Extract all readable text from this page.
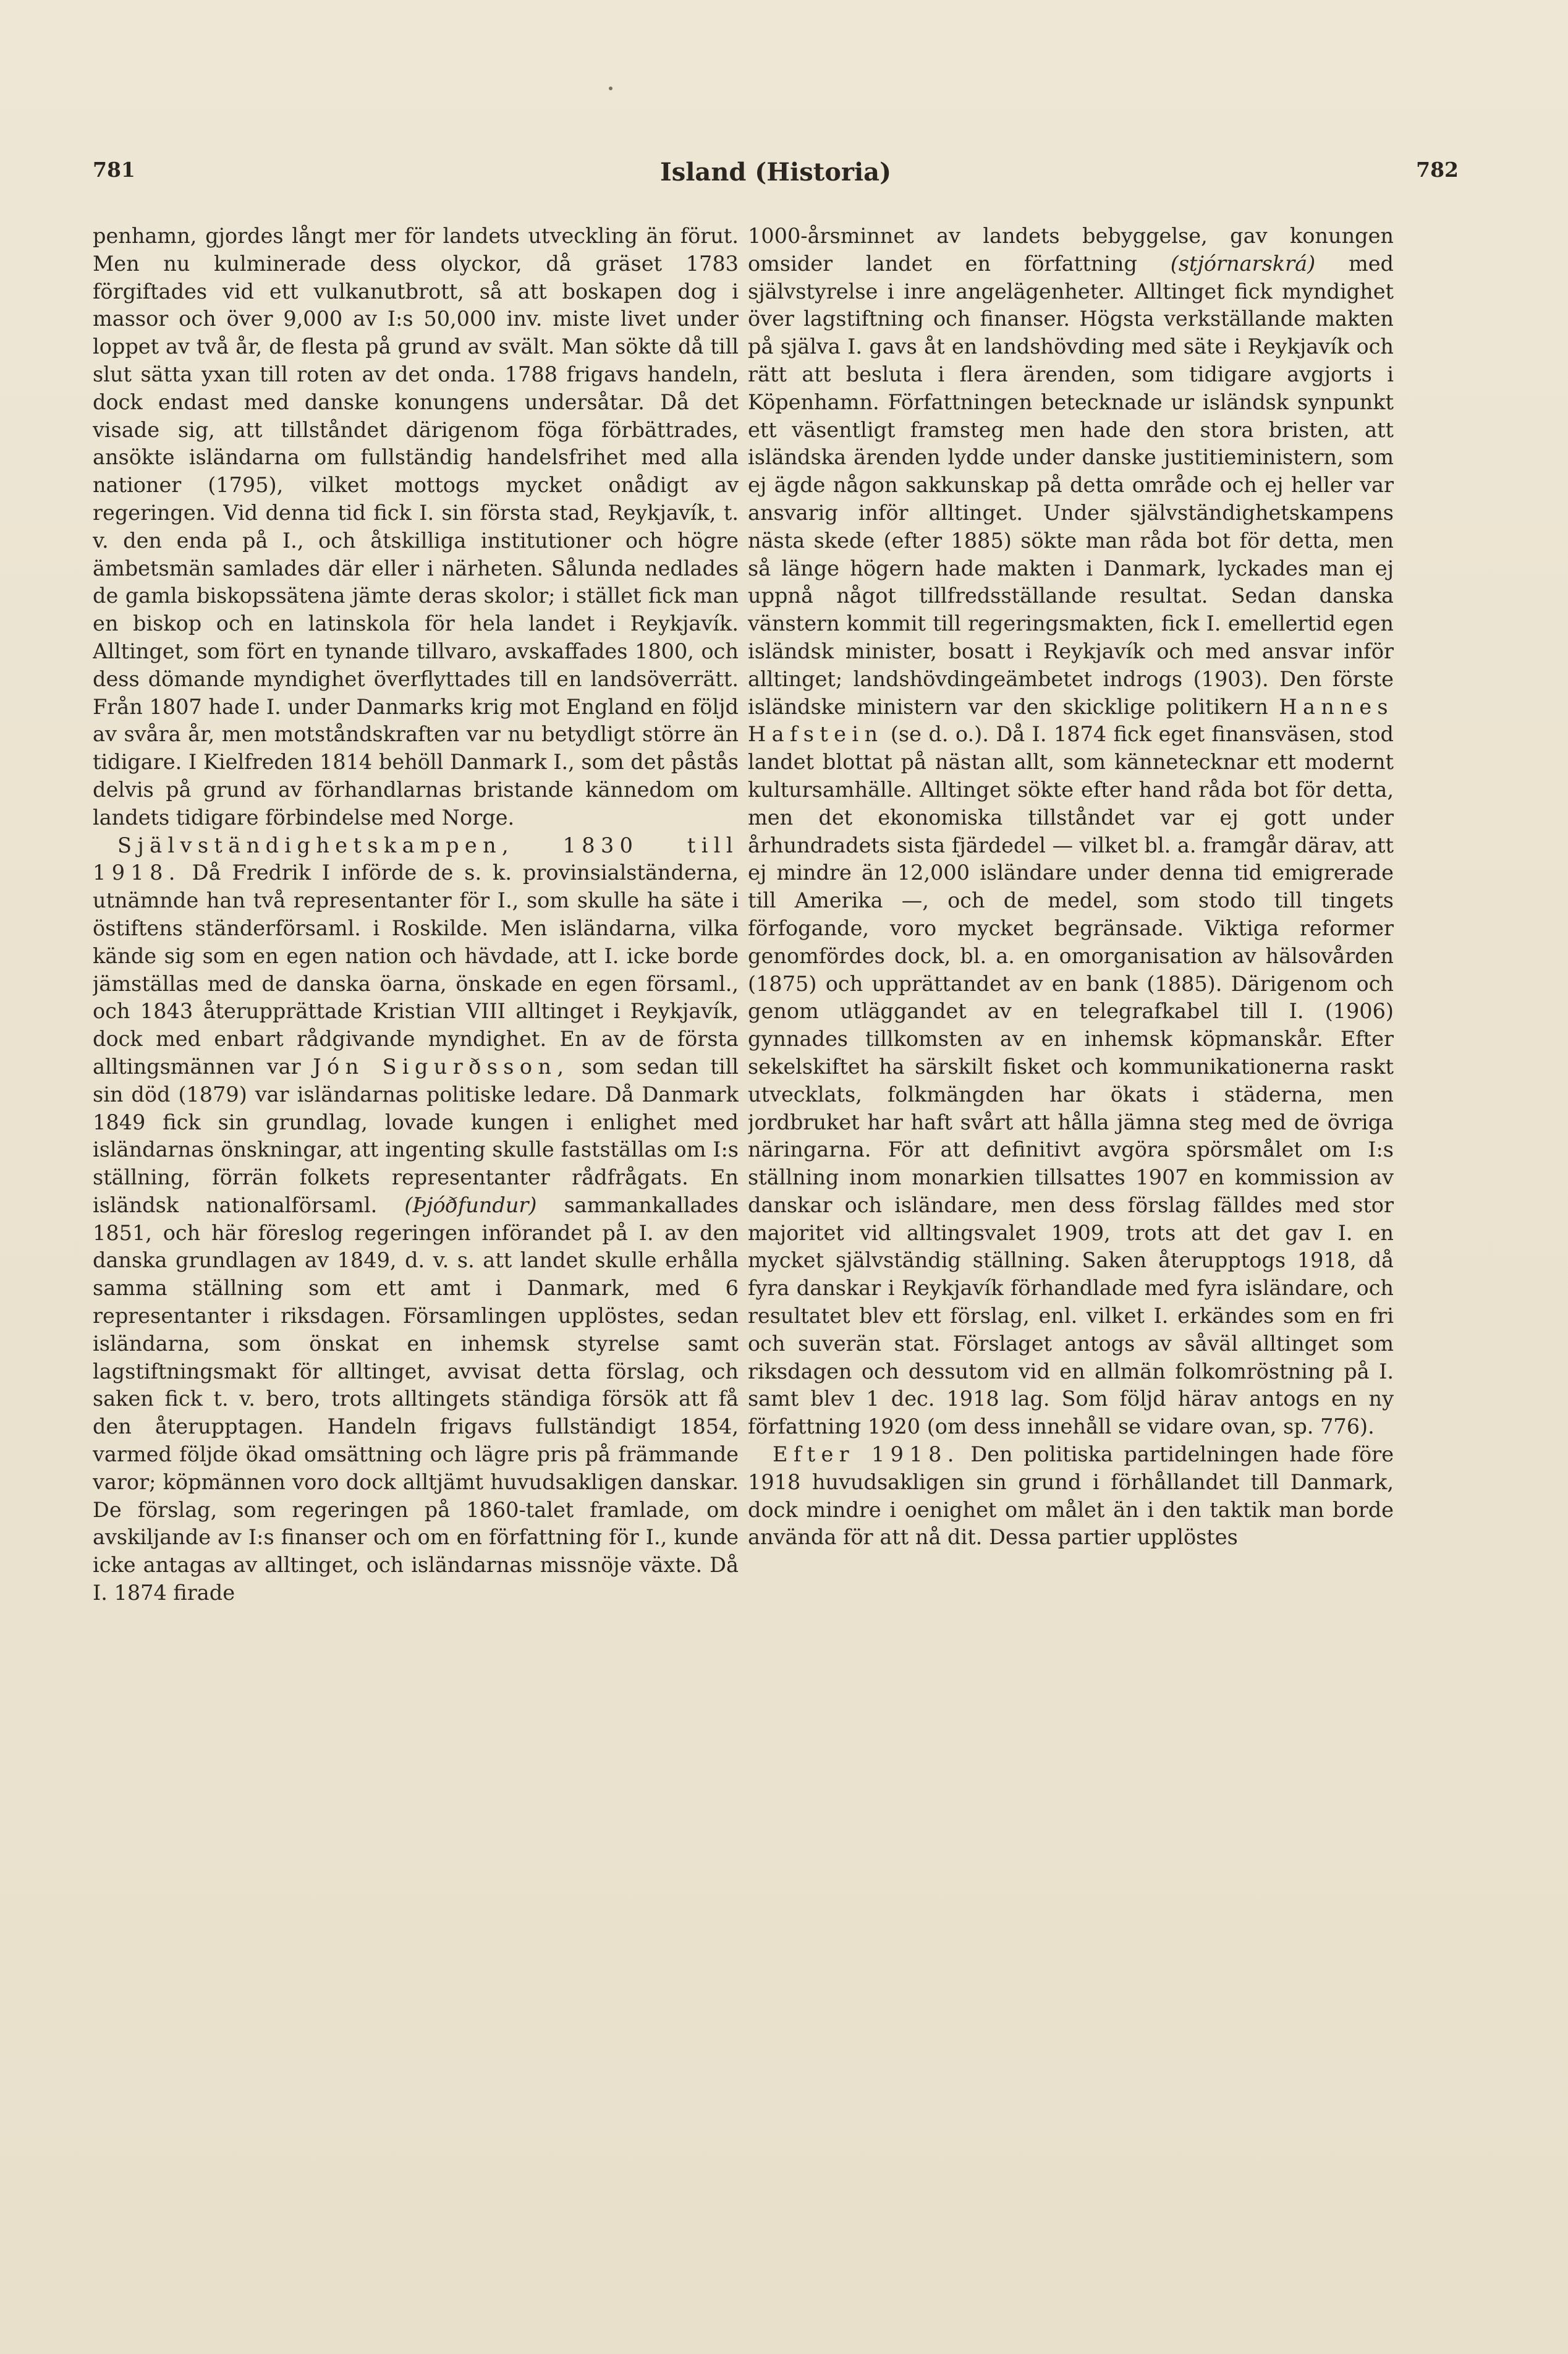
781	Island (Historia)	782

penhamn, gjordes långt mer för landets utveckling än förut. Men nu kulminerade dess olyckor, då gräset 1783 förgiftades vid ett vulkanutbrott, så att boskapen dog i massor och över 9,000 av I:s 50,000 inv. miste livet under loppet av två år, de flesta på grund av svält. Man sökte då till slut sätta yxan till roten av det onda. 1788 frigavs handeln, dock endast med danske konungens undersåtar. Då det visade sig, att tillståndet därigenom föga förbättrades, ansökte isländarna om fullständig handelsfrihet med alla nationer (1795), vilket mottogs mycket onådigt av regeringen. Vid denna tid fick I. sin första stad, Reykjavík, t. v. den enda på I., och åtskilliga institutioner och högre ämbetsmän samlades där eller i närheten. Sålunda nedlades de gamla biskopssätena jämte deras skolor; i stället fick man en biskop och en latinskola för hela landet i Reykjavík. Alltinget, som fört en tynande tillvaro, avskaffades 1800, och dess dömande myndighet överflyttades till en landsöverrätt. Från 1807 hade I. under Danmarks krig mot England en följd av svåra år, men motståndskraften var nu betydligt större än tidigare. I Kielfreden 1814 behöll Danmark I., som det påstås delvis på grund av förhandlarnas bristande kännedom om landets tidigare förbindelse med Norge.

Självständighetskampen, 1830 till 1918. Då Fredrik I införde de s. k. provinsialständerna, utnämnde han två representanter för I., som skulle ha säte i östiftens ständerförsaml. i Roskilde. Men isländarna, vilka kände sig som en egen nation och hävdade, att I. icke borde jämställas med de danska öarna, önskade en egen församl., och 1843 återupprättade Kristian VIII alltinget i Reykjavík, dock med enbart rådgivande myndighet. En av de första alltingsmännen var Jón Sigurðsson, som sedan till sin död (1879) var isländarnas politiske ledare. Då Danmark 1849 fick sin grundlag, lovade kungen i enlighet med isländarnas önskningar, att ingenting skulle fastställas om I:s ställning, förrän folkets representanter rådfrågats. En isländsk nationalförsaml. (Þjóðfundur) sammankallades 1851, och här föreslog regeringen införandet på I. av den danska grundlagen av 1849, d. v. s. att landet skulle erhålla samma ställning som ett amt i Danmark, med 6 representanter i riksdagen. Församlingen upplöstes, sedan isländarna, som önskat en inhemsk styrelse samt lagstiftningsmakt för alltinget, avvisat detta förslag, och saken fick t. v. bero, trots alltingets ständiga försök att få den återupptagen. Handeln frigavs fullständigt 1854, varmed följde ökad omsättning och lägre pris på främmande varor; köpmännen voro dock alltjämt huvudsakligen danskar. De förslag, som regeringen på 1860-talet framlade, om avskiljande av I:s finanser och om en författning för I., kunde icke antagas av alltinget, och isländarnas missnöje växte. Då I. 1874 firade

1000-årsminnet av landets bebyggelse, gav konungen omsider landet en författning (stjórnarskrá) med självstyrelse i inre angelägenheter. Alltinget fick myndighet över lagstiftning och finanser. Högsta verkställande makten på själva I. gavs åt en landshövding med säte i Reykjavík och rätt att besluta i flera ärenden, som tidigare avgjorts i Köpenhamn. Författningen betecknade ur isländsk synpunkt ett väsentligt framsteg men hade den stora bristen, att isländska ärenden lydde under danske justitieministern, som ej ägde någon sakkunskap på detta område och ej heller var ansvarig inför alltinget. Under självständighetskampens nästa skede (efter 1885) sökte man råda bot för detta, men så länge högern hade makten i Danmark, lyckades man ej uppnå något tillfredsställande resultat. Sedan danska vänstern kommit till regeringsmakten, fick I. emellertid egen isländsk minister, bosatt i Reykjavík och med ansvar inför alltinget; landshövdingeämbetet indrogs (1903). Den förste isländske ministern var den skicklige politikern Hannes Hafstein (se d. o.). Då I. 1874 fick eget finansväsen, stod landet blottat på nästan allt, som kännetecknar ett modernt kultursamhälle. Alltinget sökte efter hand råda bot för detta, men det ekonomiska tillståndet var ej gott under århundradets sista fjärdedel — vilket bl. a. framgår därav, att ej mindre än 12,000 isländare under denna tid emigrerade till Amerika —, och de medel, som stodo till tingets förfogande, voro mycket begränsade. Viktiga reformer genomfördes dock, bl. a. en omorganisation av hälsovården (1875) och upprättandet av en bank (1885). Därigenom och genom utläggandet av en telegrafkabel till I. (1906) gynnades tillkomsten av en inhemsk köpmanskår. Efter sekelskiftet ha särskilt fisket och kommunikationerna raskt utvecklats, folkmängden har ökats i städerna, men jordbruket har haft svårt att hålla jämna steg med de övriga näringarna. För att definitivt avgöra spörsmålet om I:s ställning inom monarkien tillsattes 1907 en kommission av danskar och isländare, men dess förslag fälldes med stor majoritet vid alltingsvalet 1909, trots att det gav I. en mycket självständig ställning. Saken återupptogs 1918, då fyra danskar i Reykjavík förhandlade med fyra isländare, och resultatet blev ett förslag, enl. vilket I. erkändes som en fri och suverän stat. Förslaget antogs av såväl alltinget som riksdagen och dessutom vid en allmän folkomröstning på I. samt blev 1 dec. 1918 lag. Som följd härav antogs en ny författning 1920 (om dess innehåll se vidare ovan, sp. 776).

Efter 1918. Den politiska partidelningen hade före 1918 huvudsakligen sin grund i förhållandet till Danmark, dock mindre i oenighet om målet än i den taktik man borde använda för att nå dit. Dessa partier upplöstes
